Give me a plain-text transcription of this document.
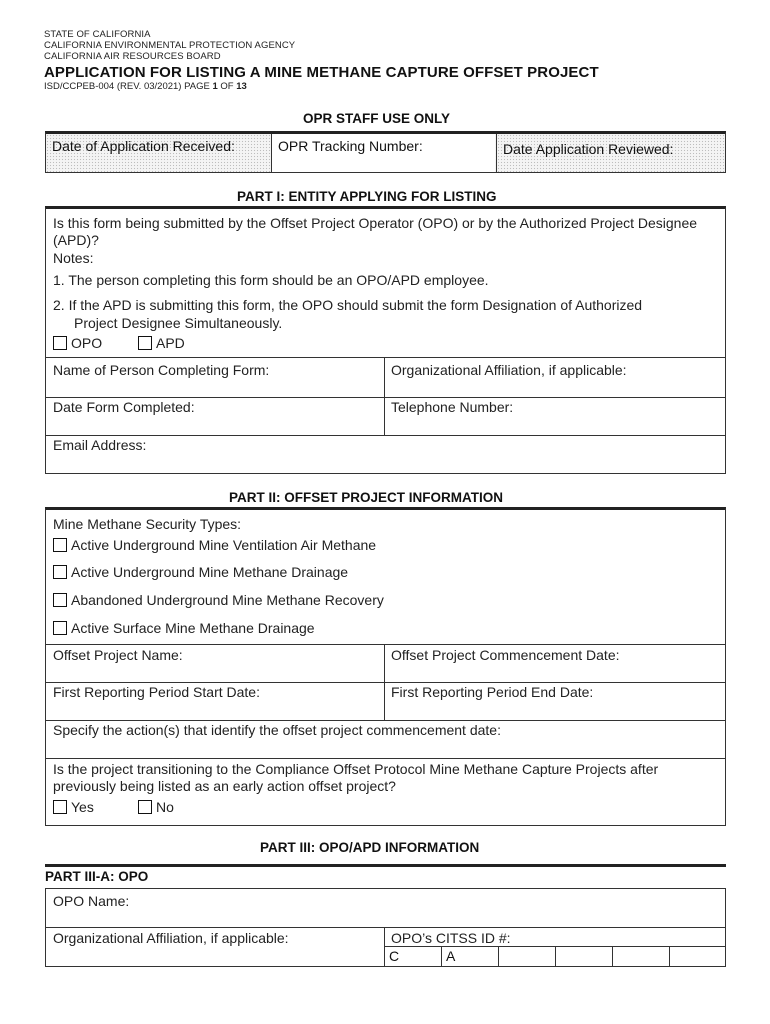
STATE OF CALIFORNIA
CALIFORNIA ENVIRONMENTAL PROTECTION AGENCY
CALIFORNIA AIR RESOURCES BOARD
APPLICATION FOR LISTING A MINE METHANE CAPTURE OFFSET PROJECT
ISD/CCPEB-004 (REV. 03/2021) PAGE 1 OF 13
OPR STAFF USE ONLY
Date of Application Received:	OPR Tracking Number:	Date Application Reviewed:
PART I: ENTITY APPLYING FOR LISTING
Is this form being submitted by the Offset Project Operator (OPO) or by the Authorized Project Designee (APD)?
Notes:
1. The person completing this form should be an OPO/APD employee.
2. If the APD is submitting this form, the OPO should submit the form Designation of Authorized
Project Designee Simultaneously.
OPO	APD
Name of Person Completing Form:	Organizational Affiliation, if applicable:
Date Form Completed:	Telephone Number:
Email Address:
PART II: OFFSET PROJECT INFORMATION
Mine Methane Security Types:
Active Underground Mine Ventilation Air Methane
Active Underground Mine Methane Drainage
Abandoned Underground Mine Methane Recovery
Active Surface Mine Methane Drainage
Offset Project Name:	Offset Project Commencement Date:
First Reporting Period Start Date:	First Reporting Period End Date:
Specify the action(s) that identify the offset project commencement date:
Is the project transitioning to the Compliance Offset Protocol Mine Methane Capture Projects after
previously being listed as an early action offset project?
Yes	No
PART III: OPO/APD INFORMATION
PART III-A: OPO
OPO Name:
Organizational Affiliation, if applicable:	OPO’s CITSS ID #:
C	A
